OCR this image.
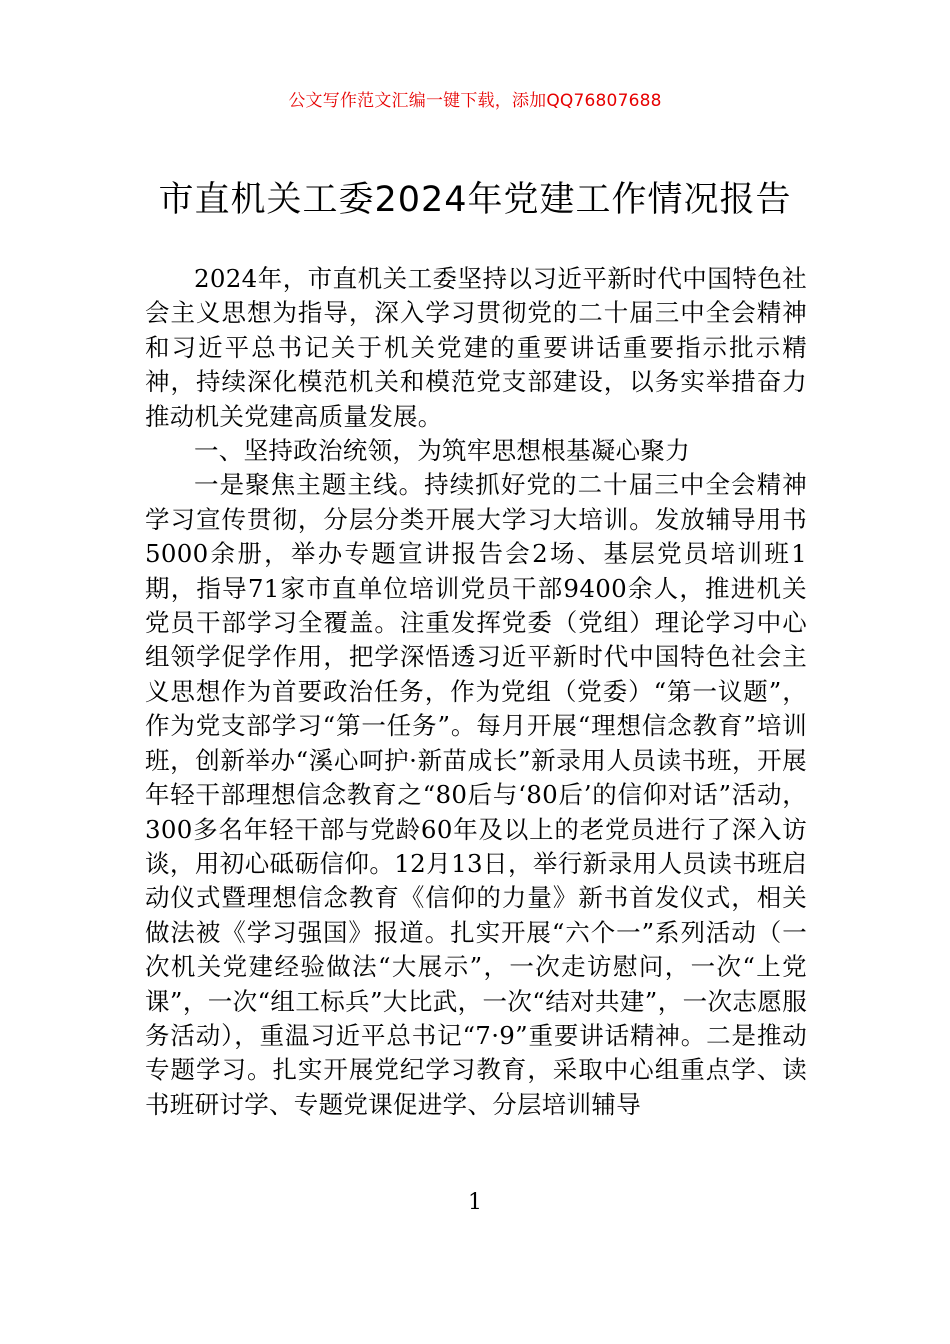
公文写作范文汇编一键下载，添加QQ76807688
市直机关工委2024年党建工作情况报告

2024年，市直机关工委坚持以习近平新时代中国特色社会主义思想为指导，深入学习贯彻党的二十届三中全会精神和习近平总书记关于机关党建的重要讲话重要指示批示精神，持续深化模范机关和模范党支部建设，以务实举措奋力推动机关党建高质量发展。

一、坚持政治统领，为筑牢思想根基凝心聚力

一是聚焦主题主线。持续抓好党的二十届三中全会精神学习宣传贯彻，分层分类开展大学习大培训。发放辅导用书5000余册，举办专题宣讲报告会2场、基层党员培训班1期，指导71家市直单位培训党员干部9400余人，推进机关党员干部学习全覆盖。注重发挥党委（党组）理论学习中心组领学促学作用，把学深悟透习近平新时代中国特色社会主义思想作为首要政治任务，作为党组（党委）“第一议题”，作为党支部学习“第一任务”。每月开展“理想信念教育”培训班，创新举办“溪心呵护·新苗成长”新录用人员读书班，开展年轻干部理想信念教育之“80后与‘80后’的信仰对话”活动，300多名年轻干部与党龄60年及以上的老党员进行了深入访谈，用初心砥砺信仰。12月13日，举行新录用人员读书班启动仪式暨理想信念教育《信仰的力量》新书首发仪式，相关做法被《学习强国》报道。扎实开展“六个一”系列活动（一次机关党建经验做法“大展示”，一次走访慰问，一次“上党课”，一次“组工标兵”大比武，一次“结对共建”，一次志愿服务活动），重温习近平总书记“7·9”重要讲话精神。二是推动专题学习。扎实开展党纪学习教育，采取中心组重点学、读书班研讨学、专题党课促进学、分层培训辅导

1
